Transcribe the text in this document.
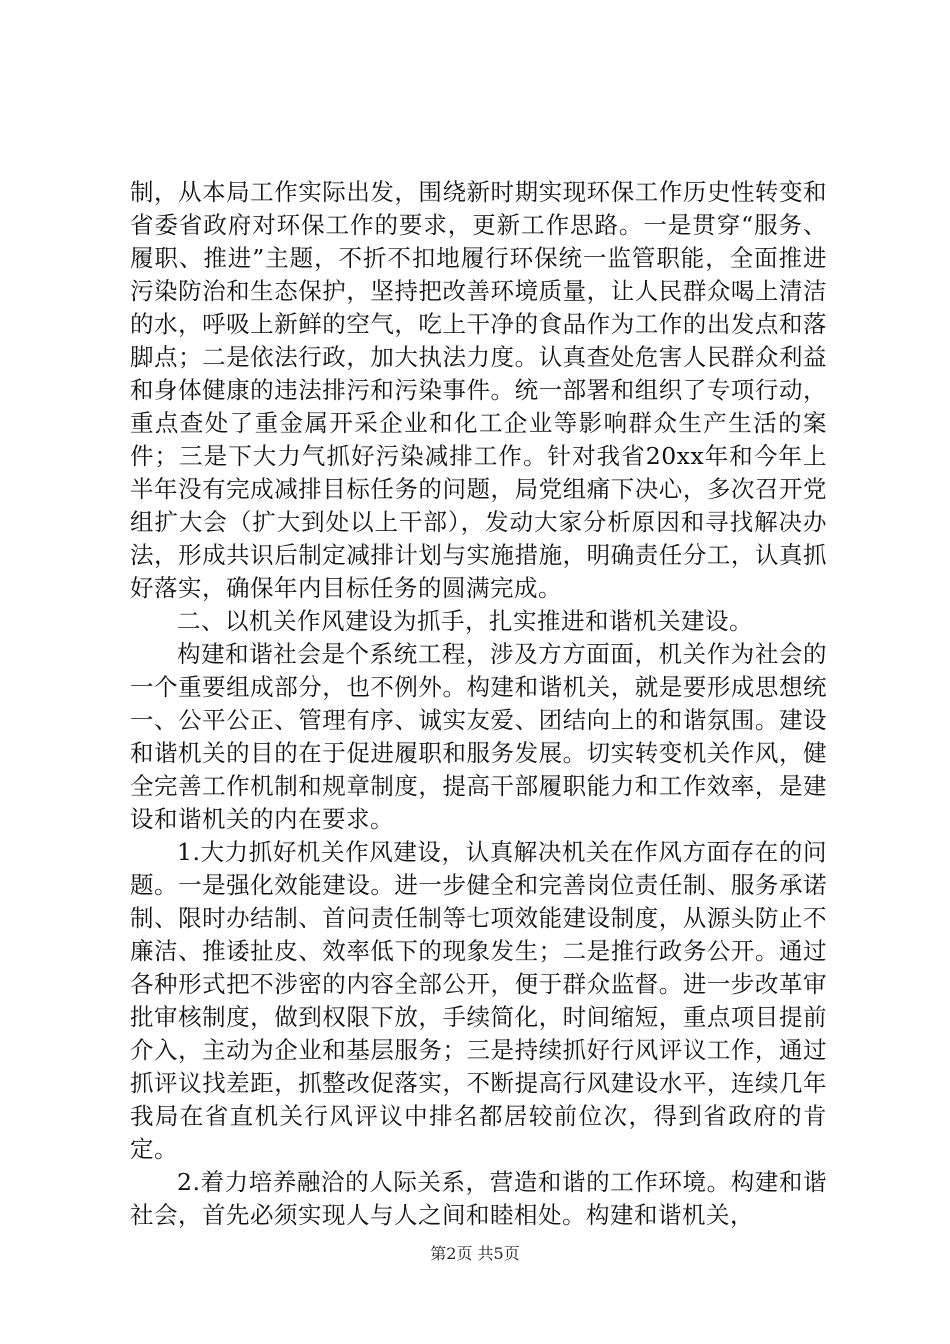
制，从本局工作实际出发，围绕新时期实现环保工作历史性转变和省委省政府对环保工作的要求，更新工作思路。一是贯穿“服务、履职、推进”主题，不折不扣地履行环保统一监管职能，全面推进污染防治和生态保护，坚持把改善环境质量，让人民群众喝上清洁的水，呼吸上新鲜的空气，吃上干净的食品作为工作的出发点和落脚点；二是依法行政，加大执法力度。认真查处危害人民群众利益和身体健康的违法排污和污染事件。统一部署和组织了专项行动，重点查处了重金属开采企业和化工企业等影响群众生产生活的案件；三是下大力气抓好污染减排工作。针对我省20xx年和今年上半年没有完成减排目标任务的问题，局党组痛下决心，多次召开党组扩大会（扩大到处以上干部），发动大家分析原因和寻找解决办法，形成共识后制定减排计划与实施措施，明确责任分工，认真抓好落实，确保年内目标任务的圆满完成。

二、以机关作风建设为抓手，扎实推进和谐机关建设。

构建和谐社会是个系统工程，涉及方方面面，机关作为社会的一个重要组成部分，也不例外。构建和谐机关，就是要形成思想统一、公平公正、管理有序、诚实友爱、团结向上的和谐氛围。建设和谐机关的目的在于促进履职和服务发展。切实转变机关作风，健全完善工作机制和规章制度，提高干部履职能力和工作效率，是建设和谐机关的内在要求。

1.大力抓好机关作风建设，认真解决机关在作风方面存在的问题。一是强化效能建设。进一步健全和完善岗位责任制、服务承诺制、限时办结制、首问责任制等七项效能建设制度，从源头防止不廉洁、推诿扯皮、效率低下的现象发生；二是推行政务公开。通过各种形式把不涉密的内容全部公开，便于群众监督。进一步改革审批审核制度，做到权限下放，手续简化，时间缩短，重点项目提前介入，主动为企业和基层服务；三是持续抓好行风评议工作，通过抓评议找差距，抓整改促落实，不断提高行风建设水平，连续几年我局在省直机关行风评议中排名都居较前位次，得到省政府的肯定。

2.着力培养融洽的人际关系，营造和谐的工作环境。构建和谐社会，首先必须实现人与人之间和睦相处。构建和谐机关，

第2页 共5页
